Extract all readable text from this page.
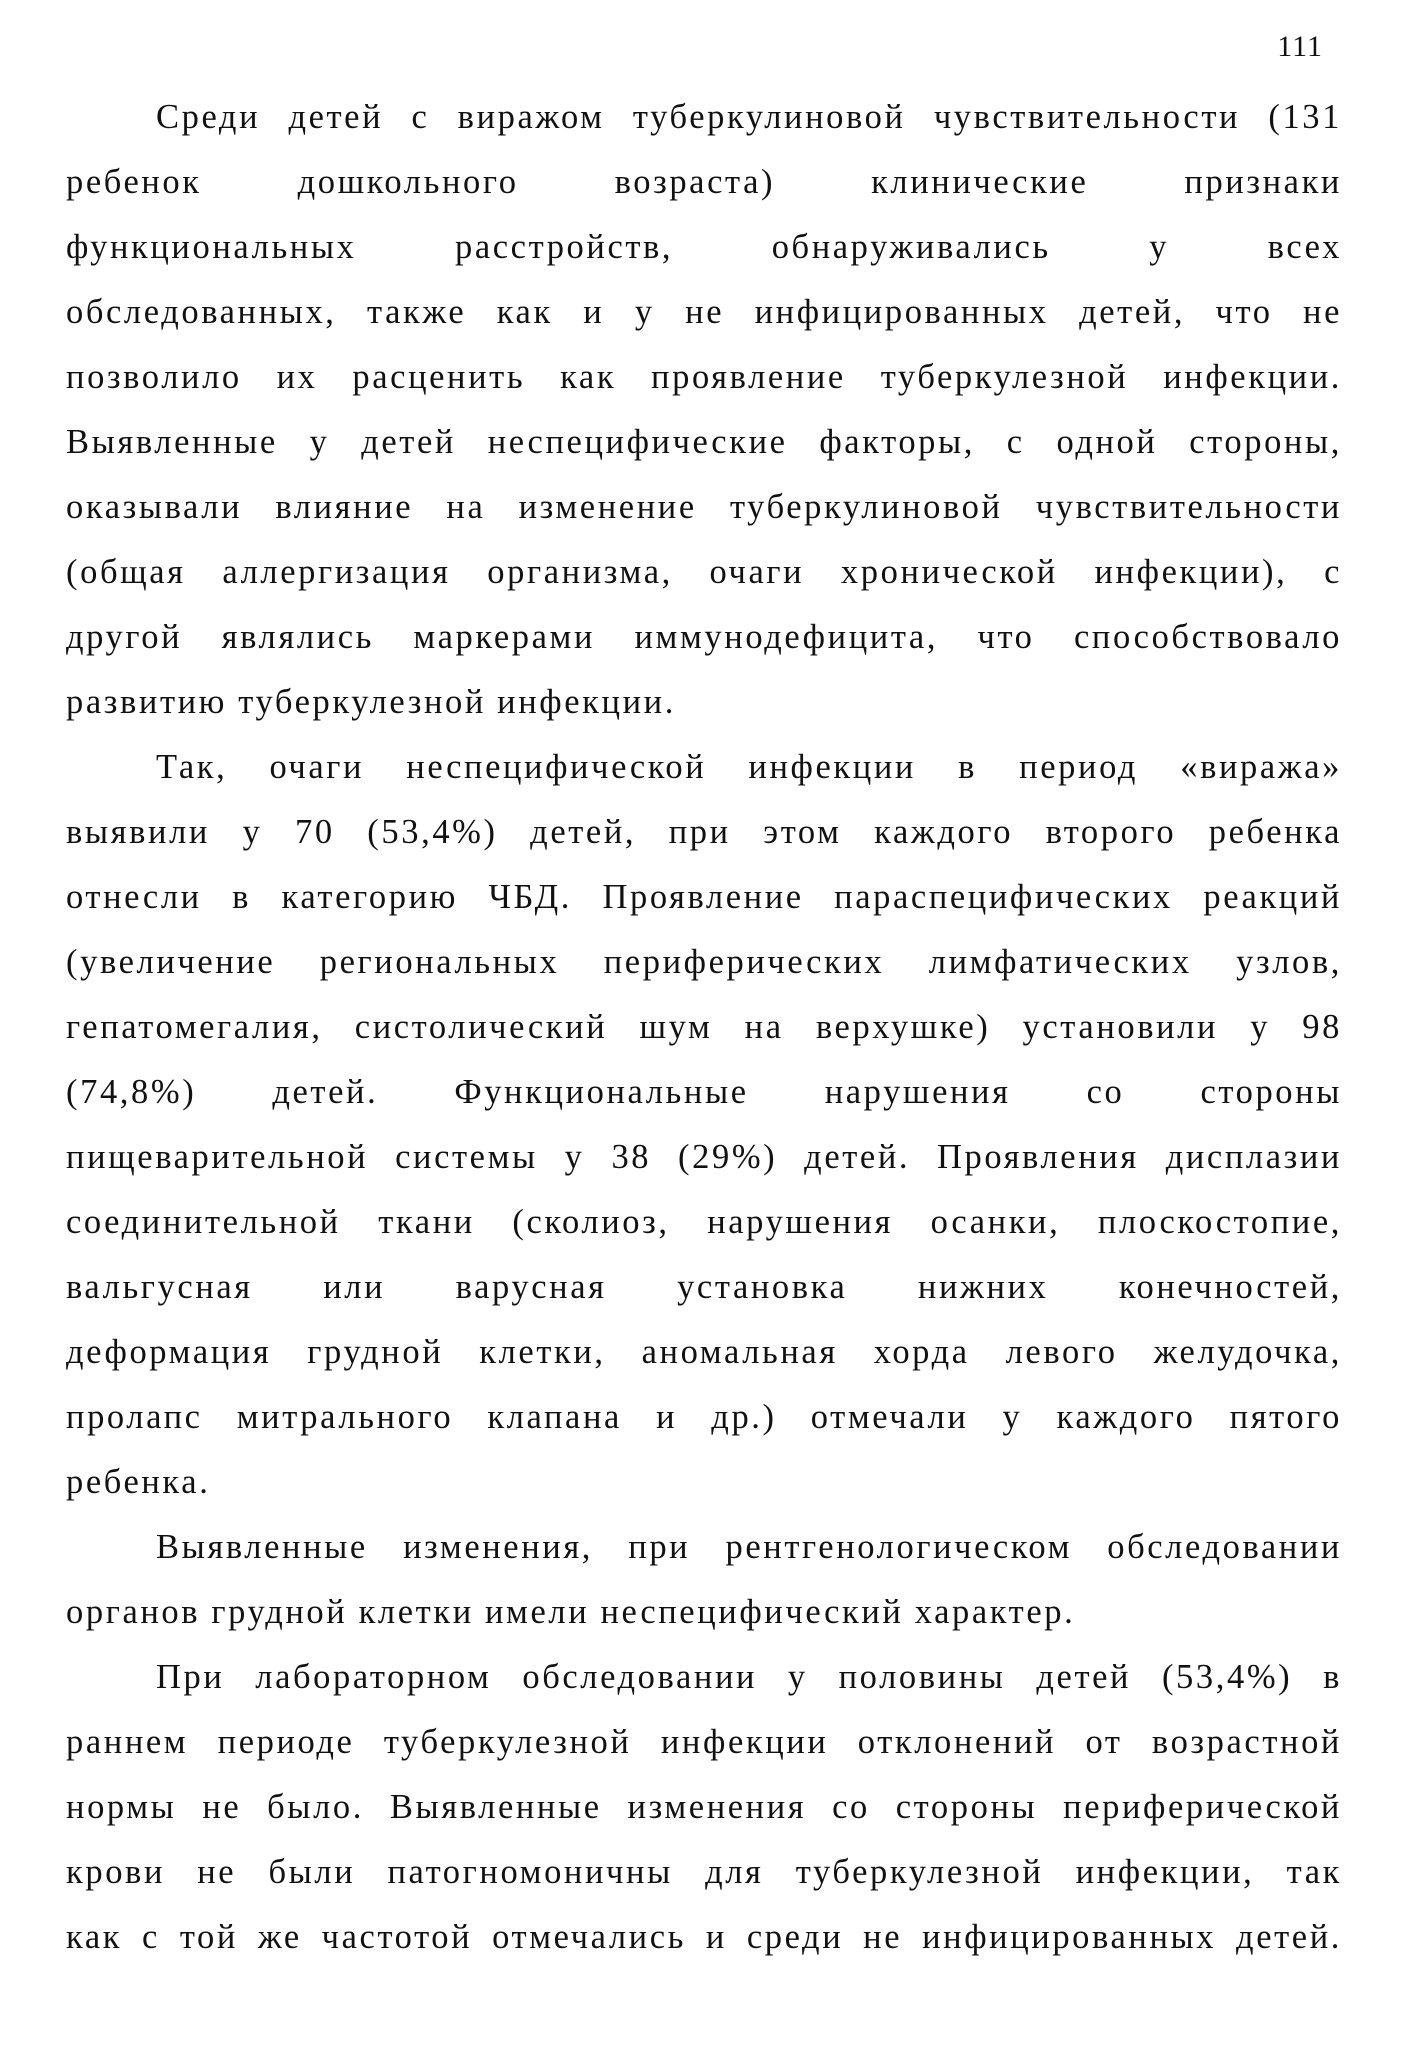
111
Среди детей с виражом туберкулиновой чувствительности (131
ребенок дошкольного возраста) клинические признаки
функциональных расстройств, обнаруживались у всех
обследованных, также как и у не инфицированных детей, что не
позволило их расценить как проявление туберкулезной инфекции.
Выявленные у детей неспецифические факторы, с одной стороны,
оказывали влияние на изменение туберкулиновой чувствительности
(общая аллергизация организма, очаги хронической инфекции), с
другой являлись маркерами иммунодефицита, что способствовало
развитию туберкулезной инфекции.
Так, очаги неспецифической инфекции в период «виража»
выявили у 70 (53,4%) детей, при этом каждого второго ребенка
отнесли в категорию ЧБД. Проявление параспецифических реакций
(увеличение региональных периферических лимфатических узлов,
гепатомегалия, систолический шум на верхушке) установили у 98
(74,8%) детей. Функциональные нарушения со стороны
пищеварительной системы у 38 (29%) детей. Проявления дисплазии
соединительной ткани (сколиоз, нарушения осанки, плоскостопие,
вальгусная или варусная установка нижних конечностей,
деформация грудной клетки, аномальная хорда левого желудочка,
пролапс митрального клапана и др.) отмечали у каждого пятого
ребенка.
Выявленные изменения, при рентгенологическом обследовании
органов грудной клетки имели неспецифический характер.
При лабораторном обследовании у половины детей (53,4%) в
раннем периоде туберкулезной инфекции отклонений от возрастной
нормы не было. Выявленные изменения со стороны периферической
крови не были патогномоничны для туберкулезной инфекции, так
как с той же частотой отмечались и среди не инфицированных детей.
